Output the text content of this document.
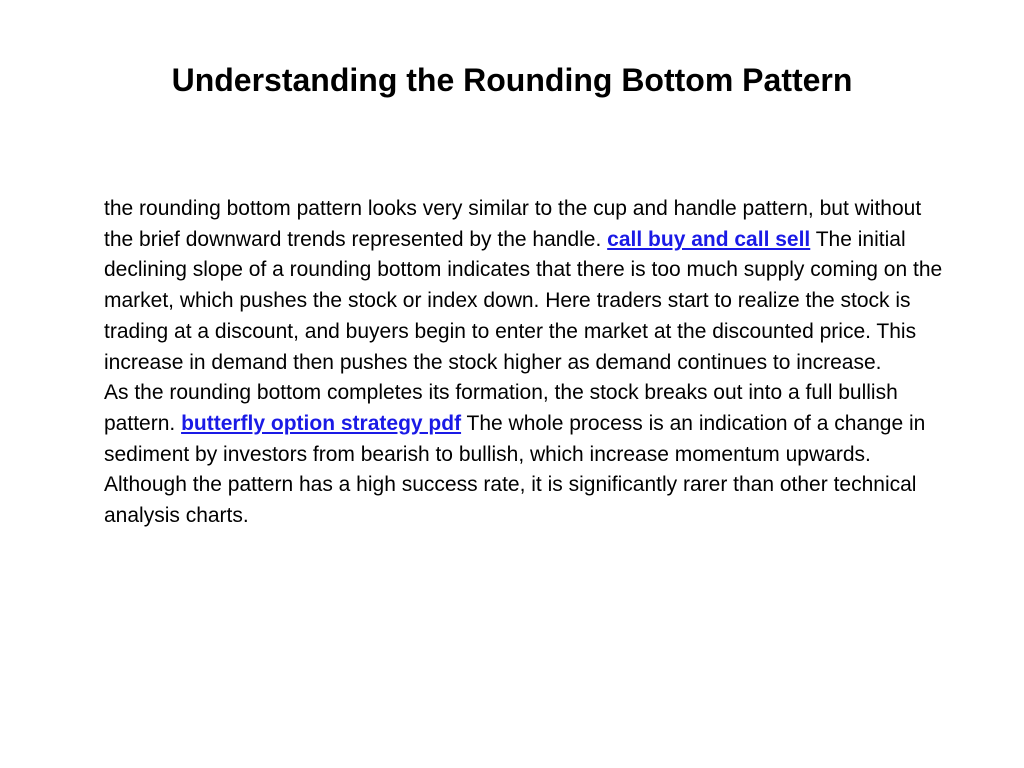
Understanding the Rounding Bottom Pattern

the rounding bottom pattern looks very similar to the cup and handle pattern, but without the brief downward trends represented by the handle. call buy and call sell The initial declining slope of a rounding bottom indicates that there is too much supply coming on the market, which pushes the stock or index down. Here traders start to realize the stock is trading at a discount, and buyers begin to enter the market at the discounted price. This increase in demand then pushes the stock higher as demand continues to increase.

As the rounding bottom completes its formation, the stock breaks out into a full bullish pattern. butterfly option strategy pdf The whole process is an indication of a change in sediment by investors from bearish to bullish, which increase momentum upwards. Although the pattern has a high success rate, it is significantly rarer than other technical analysis charts.
